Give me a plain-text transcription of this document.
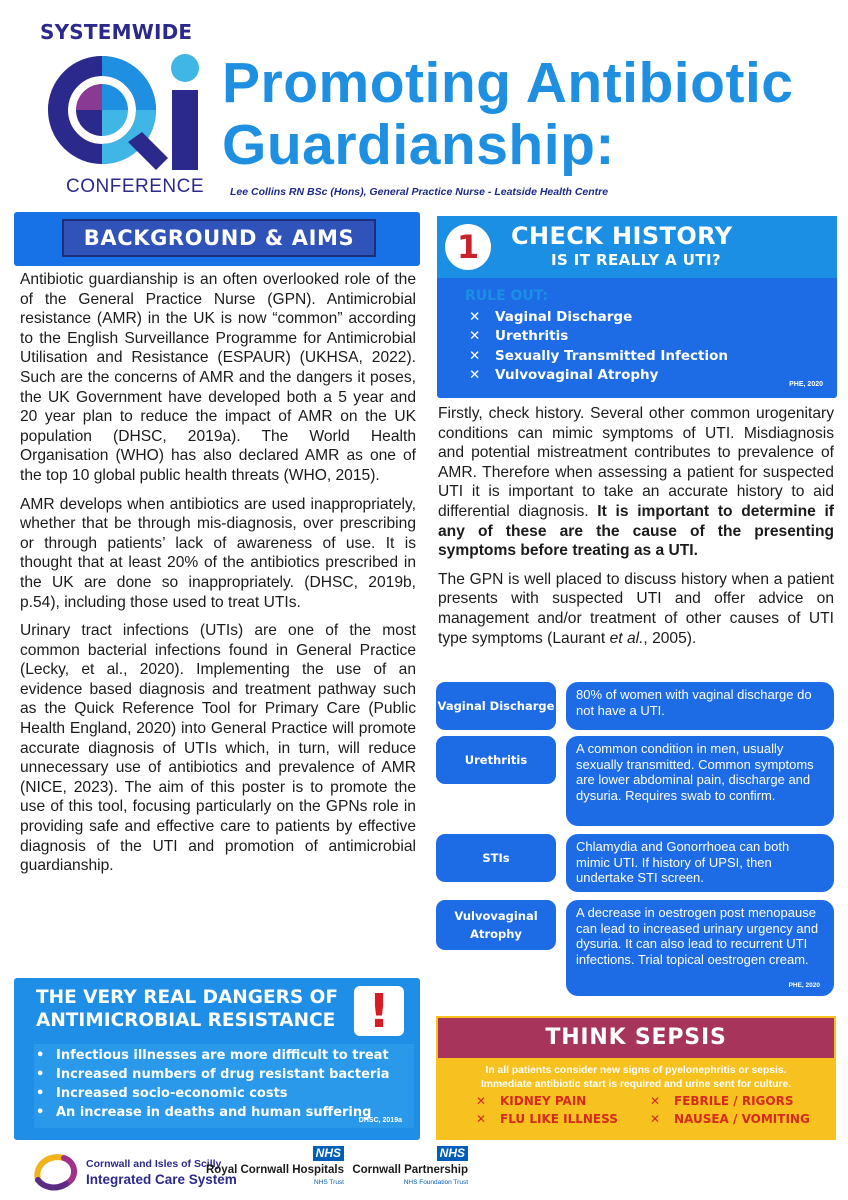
SYSTEMWIDE
CONFERENCE
Promoting Antibiotic
Guardianship:
Lee Collins RN BSc (Hons), General Practice Nurse - Leatside Health Centre
BACKGROUND & AIMS

Antibiotic guardianship is an often overlooked role of the of the General Practice Nurse (GPN). Antimicrobial resistance (AMR) in the UK is now “common” according to the English Surveillance Programme for Antimicrobial Utilisation and Resistance (ESPAUR) (UKHSA, 2022). Such are the concerns of AMR and the dangers it poses, the UK Government have developed both a 5 year and 20 year plan to reduce the impact of AMR on the UK population (DHSC, 2019a). The World Health Organisation (WHO) has also declared AMR as one of the top 10 global public health threats (WHO, 2015).

AMR develops when antibiotics are used inappropriately, whether that be through mis-diagnosis, over prescribing or through patients’ lack of awareness of use. It is thought that at least 20% of the antibiotics prescribed in the UK are done so inappropriately. (DHSC, 2019b, p.54), including those used to treat UTIs.

Urinary tract infections (UTIs) are one of the most common bacterial infections found in General Practice (Lecky, et al., 2020). Implementing the use of an evidence based diagnosis and treatment pathway such as the Quick Reference Tool for Primary Care (Public Health England, 2020) into General Practice will promote accurate diagnosis of UTIs which, in turn, will reduce unnecessary use of antibiotics and prevalence of AMR (NICE, 2023). The aim of this poster is to promote the use of this tool, focusing particularly on the GPNs role in providing safe and effective care to patients by effective diagnosis of the UTI and promotion of antimicrobial guardianship.

THE VERY REAL DANGERS OF
ANTIMICROBIAL RESISTANCE !
• Infectious illnesses are more difficult to treat
• Increased numbers of drug resistant bacteria
• Increased socio-economic costs
• An increase in deaths and human suffering
DHSC, 2019a
1	CHECK HISTORY
IS IT REALLY A UTI?
RULE OUT:
✕ Vaginal Discharge
✕ Urethritis
✕ Sexually Transmitted Infection
✕ Vulvovaginal Atrophy
PHE, 2020

Firstly, check history. Several other common urogenitary conditions can mimic symptoms of UTI. Misdiagnosis and potential mistreatment contributes to prevalence of AMR. Therefore when assessing a patient for suspected UTI it is important to take an accurate history to aid differential diagnosis. It is important to determine if any of these are the cause of the presenting symptoms before treating as a UTI.

The GPN is well placed to discuss history when a patient presents with suspected UTI and offer advice on management and/or treatment of other causes of UTI type symptoms (Laurant et al., 2005).

Vaginal Discharge
80% of women with vaginal discharge do not have a UTI.
Urethritis
A common condition in men, usually sexually transmitted. Common symptoms are lower abdominal pain, discharge and dysuria. Requires swab to confirm.
STIs
Chlamydia and Gonorrhoea can both mimic UTI. If history of UPSI, then undertake STI screen.
Vulvovaginal Atrophy
A decrease in oestrogen post menopause can lead to increased urinary urgency and dysuria. It can also lead to recurrent UTI infections. Trial topical oestrogen cream.
PHE, 2020
THINK SEPSIS
In all patients consider new signs of pyelonephritis or sepsis.
Immediate antibiotic start is required and urine sent for culture.
✕ KIDNEY PAIN	✕ FEBRILE / RIGORS
✕ FLU LIKE ILLNESS	✕ NAUSEA / VOMITING
Cornwall and Isles of Scilly
Integrated Care System
NHS
Royal Cornwall Hospitals
NHS Trust
NHS
Cornwall Partnership
NHS Foundation Trust
